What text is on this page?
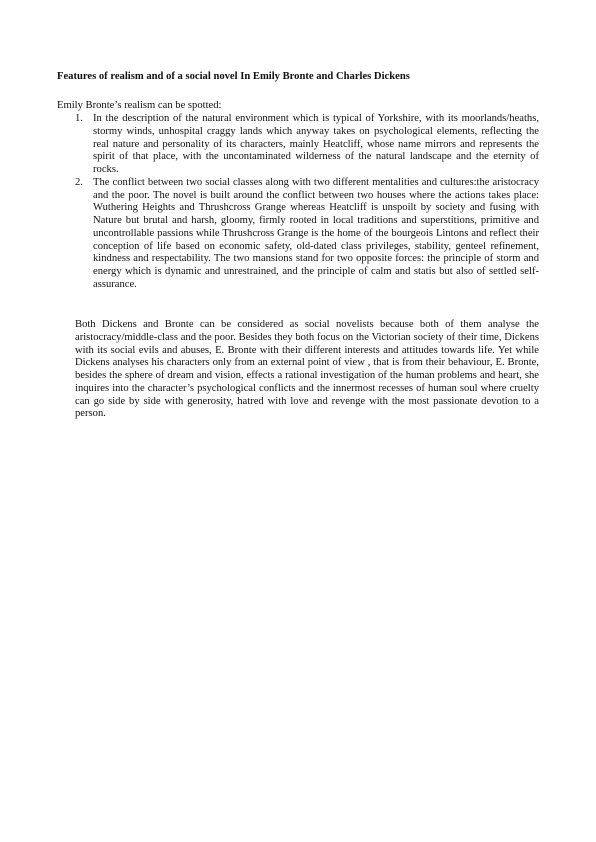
Features of realism and of a social novel In Emily Bronte and Charles Dickens
Emily Bronte’s realism can be spotted:
1. In the description of the natural environment which is typical of Yorkshire, with its moorlands/heaths, stormy winds, unhospital craggy lands which anyway takes on psychological elements, reflecting the real nature and personality of its characters, mainly Heatcliff, whose name mirrors and represents the spirit of that place, with the uncontaminated wilderness of the natural landscape and the eternity of rocks.
2. The conflict between two social classes along with two different mentalities and cultures:the aristocracy and the poor. The novel is built around the conflict between two houses where the actions takes place: Wuthering Heights and Thrushcross Grange whereas Heatcliff is unspoilt by society and fusing with Nature but brutal and harsh, gloomy, firmly rooted in local traditions and superstitions, primitive and uncontrollable passions while Thrushcross Grange is the home of the bourgeois Lintons and reflect their conception of life based on economic safety, old-dated class privileges, stability, genteel refinement, kindness and respectability. The two mansions stand for two opposite forces: the principle of storm and energy which is dynamic and unrestrained, and the principle of calm and statis but also of settled self-assurance.

Both Dickens and Bronte can be considered as social novelists because both of them analyse the aristocracy/middle-class and the poor. Besides they both focus on the Victorian society of their time, Dickens with its social evils and abuses, E. Bronte with their different interests and attitudes towards life. Yet while Dickens analyses his characters only from an external point of view , that is from their behaviour, E. Bronte, besides the sphere of dream and vision, effects a rational investigation of the human problems and heart, she inquires into the character’s psychological conflicts and the innermost recesses of human soul where cruelty can go side by side with generosity, hatred with love and revenge with the most passionate devotion to a person.
